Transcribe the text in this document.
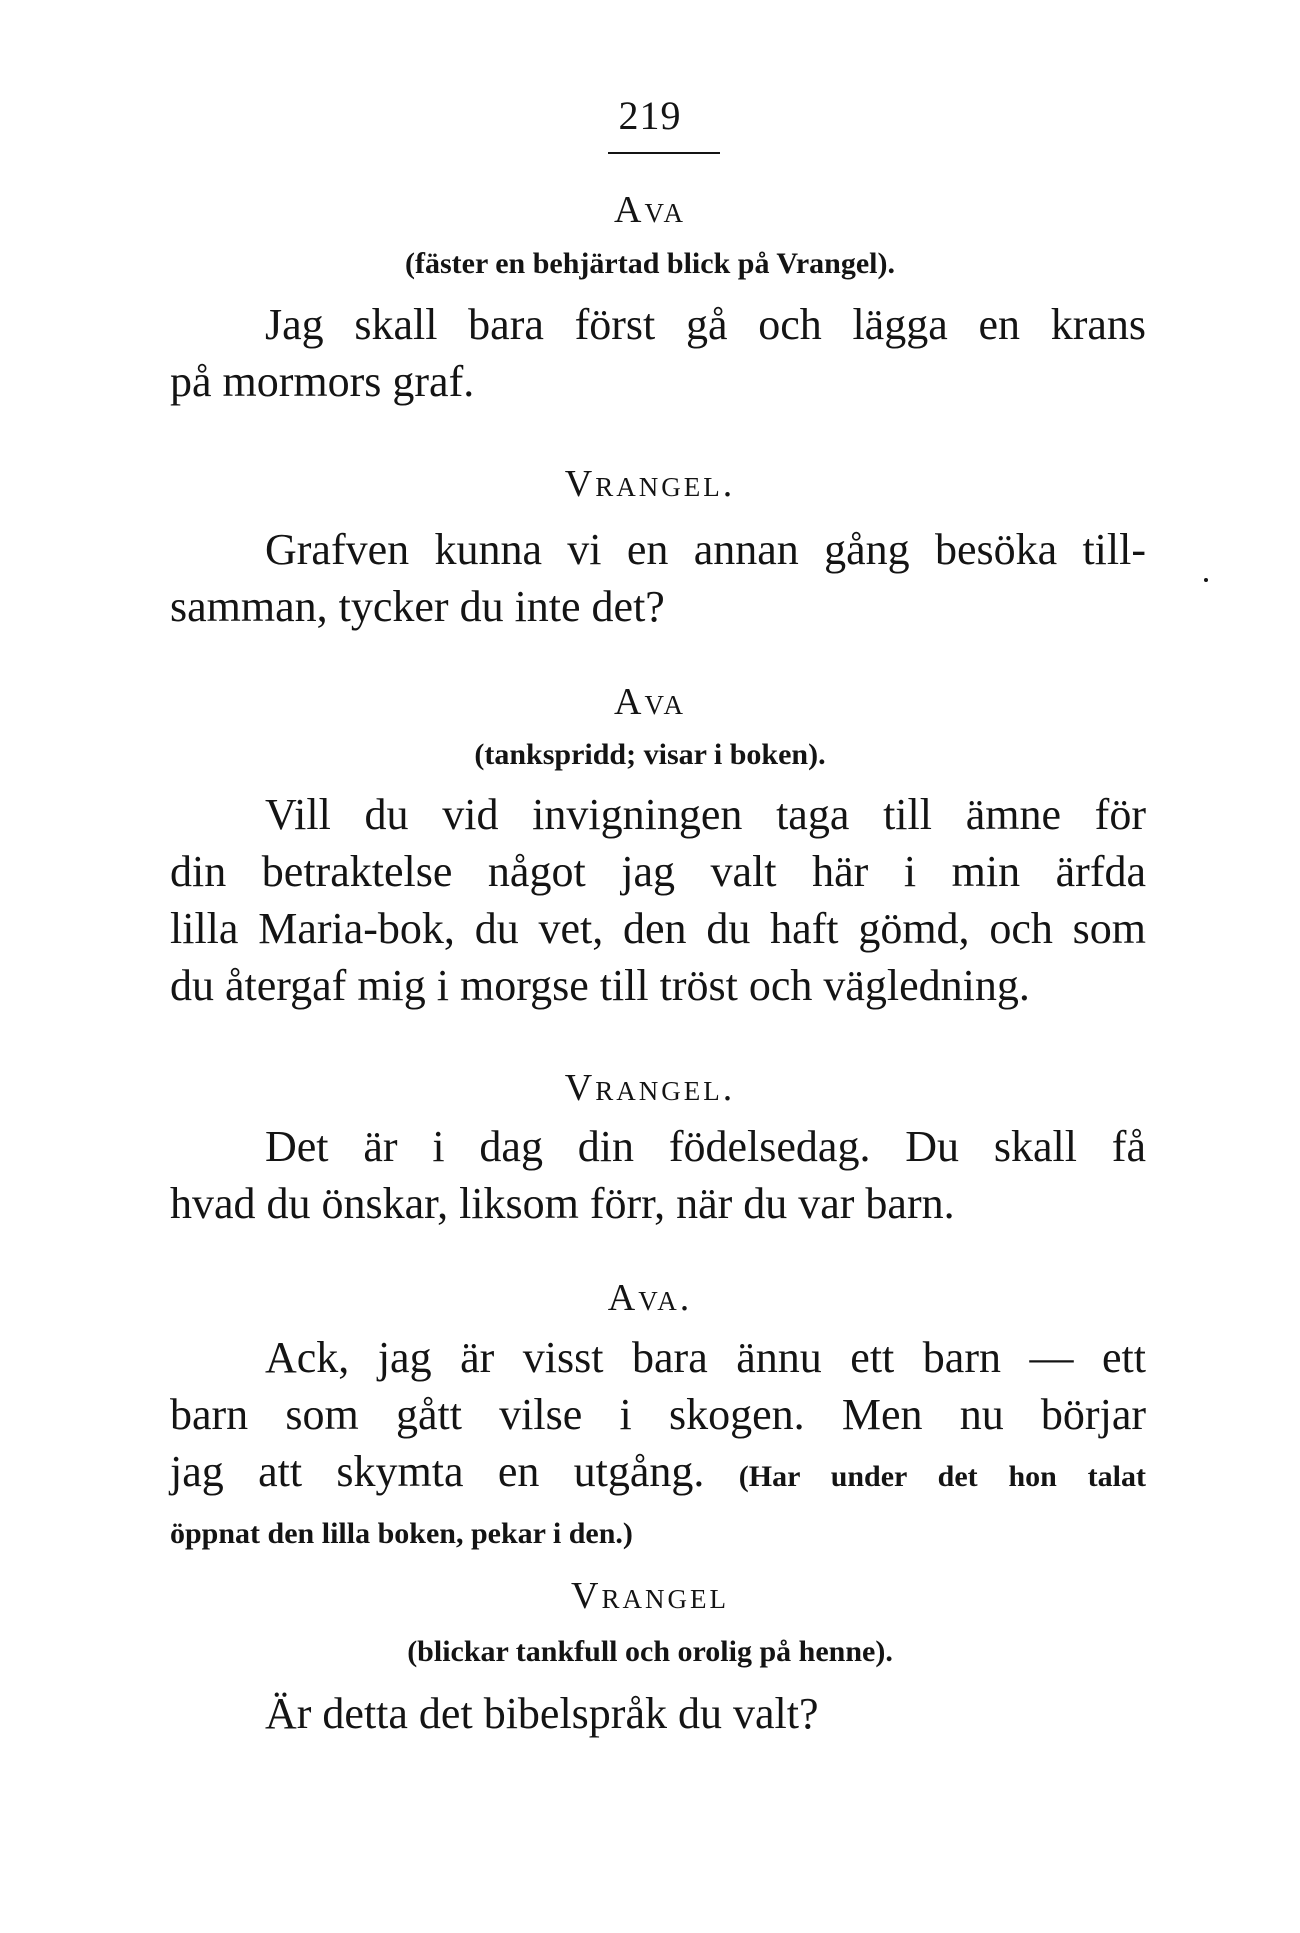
219
Ava
(fäster en behjärtad blick på Vrangel).
Jag skall bara först gå och lägga en krans
på mormors graf.
Vrangel.
Grafven kunna vi en annan gång besöka till-
samman, tycker du inte det?
Ava
(tankspridd; visar i boken).
Vill du vid invigningen taga till ämne för
din betraktelse något jag valt här i min ärfda
lilla Maria-bok, du vet, den du haft gömd, och som
du återgaf mig i morgse till tröst och vägledning.
Vrangel.
Det är i dag din födelsedag. Du skall få
hvad du önskar, liksom förr, när du var barn.
Ava.
Ack, jag är visst bara ännu ett barn — ett
barn som gått vilse i skogen. Men nu börjar
jag att skymta en utgång. (Har under det hon talat
öppnat den lilla boken, pekar i den.)
Vrangel
(blickar tankfull och orolig på henne).
Är detta det bibelspråk du valt?
